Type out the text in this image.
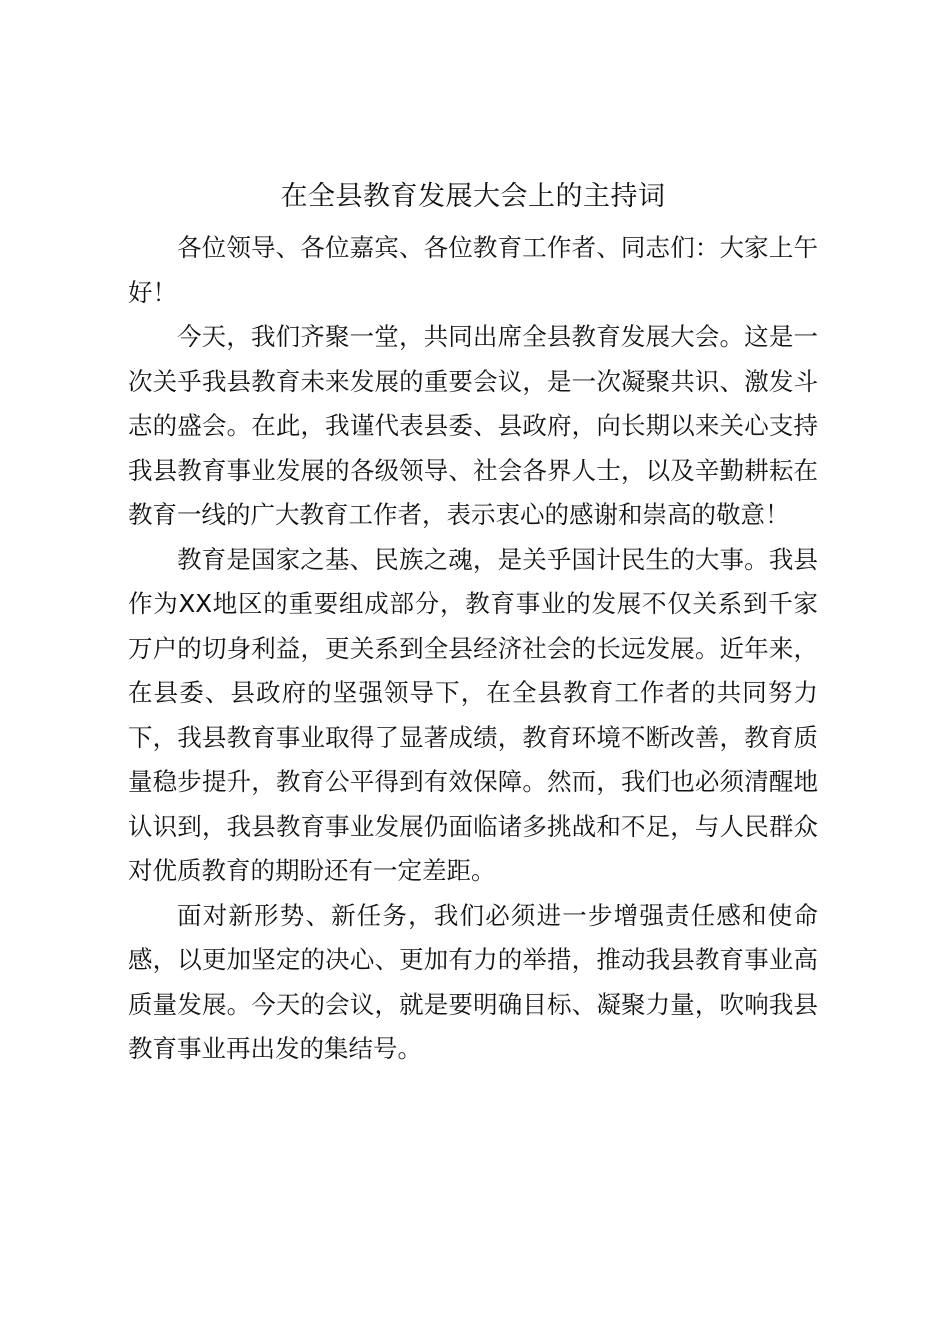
在全县教育发展大会上的主持词

各位领导、各位嘉宾、各位教育工作者、同志们：大家上午好！

今天，我们齐聚一堂，共同出席全县教育发展大会。这是一次关乎我县教育未来发展的重要会议，是一次凝聚共识、激发斗志的盛会。在此，我谨代表县委、县政府，向长期以来关心支持我县教育事业发展的各级领导、社会各界人士，以及辛勤耕耘在教育一线的广大教育工作者，表示衷心的感谢和崇高的敬意！

教育是国家之基、民族之魂，是关乎国计民生的大事。我县作为XX地区的重要组成部分，教育事业的发展不仅关系到千家万户的切身利益，更关系到全县经济社会的长远发展。近年来，在县委、县政府的坚强领导下，在全县教育工作者的共同努力下，我县教育事业取得了显著成绩，教育环境不断改善，教育质量稳步提升，教育公平得到有效保障。然而，我们也必须清醒地认识到，我县教育事业发展仍面临诸多挑战和不足，与人民群众对优质教育的期盼还有一定差距。

面对新形势、新任务，我们必须进一步增强责任感和使命感，以更加坚定的决心、更加有力的举措，推动我县教育事业高质量发展。今天的会议，就是要明确目标、凝聚力量，吹响我县教育事业再出发的集结号。
